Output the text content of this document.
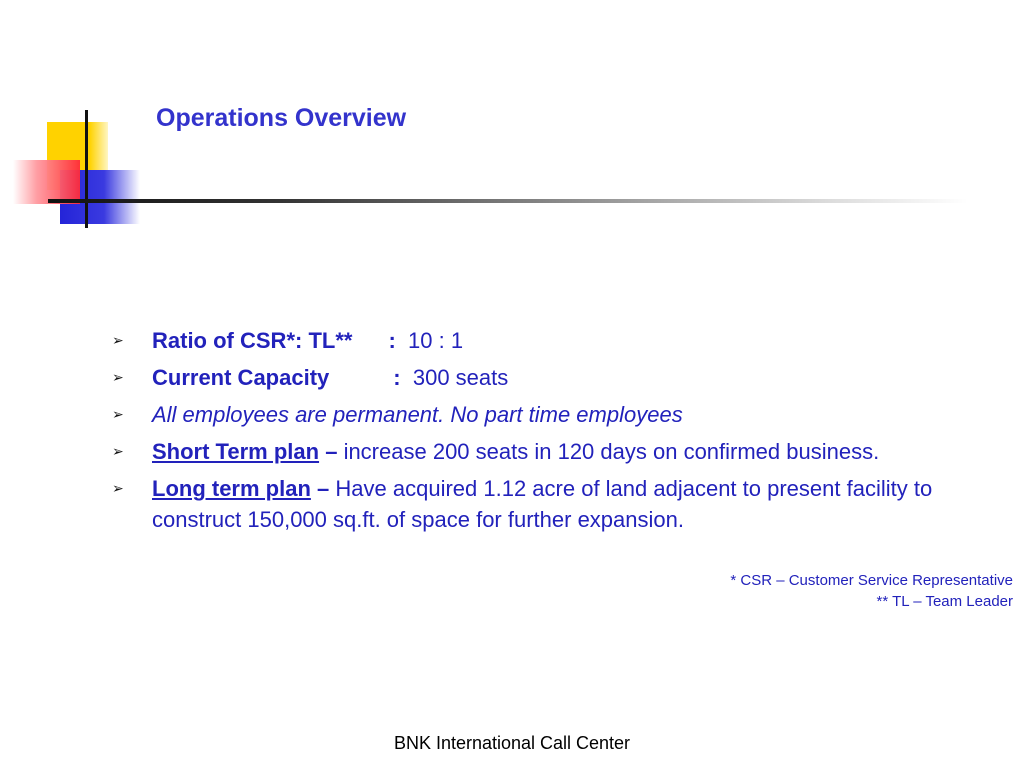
Operations Overview
➢ Ratio of CSR*: TL** : 10 : 1
➢ Current Capacity	: 300 seats
➢ All employees are permanent. No part time employees
➢ Short Term plan – increase 200 seats in 120 days on confirmed business.
➢ Long term plan – Have acquired 1.12 acre of land adjacent to present facility to construct 150,000 sq.ft. of space for further expansion.
* CSR – Customer Service Representative
** TL – Team Leader
BNK International Call Center
